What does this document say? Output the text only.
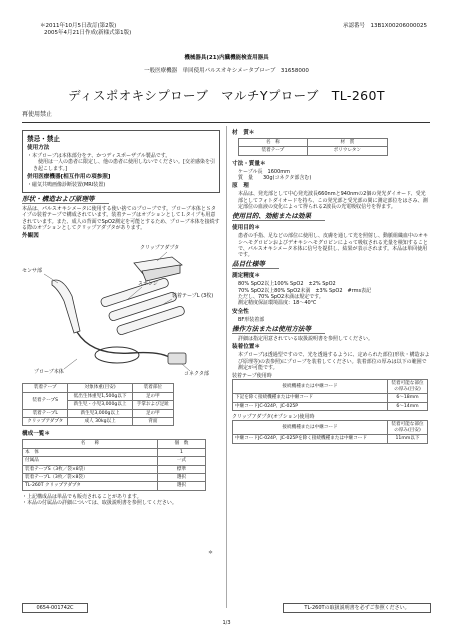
＊2011年10月5日改訂(第2版)

2005年4月21日作成(新様式第1版)

承認番号　13B1X00206000025
機械器具(21)内臓機能検査用器具
一般医療機器　単回使用パルスオキシメータプローブ　31658000
ディスポオキシプローブ　マルチYプローブ　TL-260T
再使用禁止
禁忌・禁止
使用方法

・本プローブは本体部分をテ、かつディスポーザブル製品です。

　使用は一人の患者に限定し、他の患者に使用しないでください。[交差感染を引き起こします。]

併用医療機器[相互作用の項参照]

・磁気共鳴画像診断装置(MRI装置)

形状・構造および原理等

本品は、パルスオキシメータに使用する使い捨てのプローブです。プローブ本体とＳタイプの装着テープで構成されています。装着テープはオプションとしてＬタイプも用意されています。また、成人の背面でSpO2測定を可能とするため、プローブ本体を接続する際のオプションとしてクリップアダプタがあります。

外観図
クリップアダプタ
スポンジ
センサ部
装着テープL (3枚)
プローブ本体	コネクタ部
装着テープ	対象体重(目安)	装着部位
装着テープS	低出生体重児1,500g以下	足の甲
	新生児・小児3,000g以上	手掌および足趾
装着テープL	新生児3,000g以上	足の甲
クリップアダプタ	成人 30kg以上	背面
＊
構成一覧＊
名　　称	個　数
本　体	1
付属品	一式
装着テープS（3枚／袋×8袋）	標準
装着テープL（3枚／袋×8袋）	選択
TL-260T クリップアダプタ	選択

・上記構成品は単品でも販売されることがあります。

・本品の付属品の詳細については、取扱説明書を参照してください。

材　質＊
名　称	材　質
装着テープ	ポリウレタン
寸法・質量＊

ケーブル長　1600mm

質　量　　30g(コネクタ部含む)

原　理

本品は、発光部として中心発光波長660nmと940nmの2個の発光ダイオード、受光部としてフォトダイオードを持ち、この発光部と受光部の間に測定部位をはさみ、測定部位の血液の変化によって得られる2波長の光電吸収信号を得ます。

使用目的、効能または効果
使用目的＊

患者の手指、足などの部位に使用し、皮膚を通して光を照射し、動脈組織血中のオキシヘモグロビンおよびデオキシヘモグロビンによって吸収される光量を検知することで、パルスオキシメータ本体に信号を提供し、結果が表示されます。本品は単回使用です。

品目仕様等
測定精度＊

80% SpO2以上100% SpO2　±2% SpO2

70% SpO2以上80% SpO2未満　±3% SpO2　#rms表記

ただし、70% SpO2未満は規定です。

測定精度保証環境温度：18～40℃

安全性

BF形装着部

操作方法または使用方法等

詳細は指定用意されている取扱説明書を参照してください。

装着位置＊

本プローブは透過型ですので、光を透過するように、定められた部位(形状・構造および原理等)の表参照)にプローブを装着してください。装着部位の厚みは以下の範囲で測定が可能です。

装着テープ使用時
接続機種または中継コード	装着可能な部位の厚み(目安)
下記を除く接続機種または中継コード	6～18mm
中継コードJC-024P、JC-025P	6～14mm
クリップアダプタ(オプション)使用時
接続機種または中継コード	装着可能な部位の厚み(目安)
中継コードJC-024P、JC-025Pを除く接続機種または中継コード	11mm以下
0654-001742C	TL-260Tの取扱説明書を必ずご参照ください。
1/3
